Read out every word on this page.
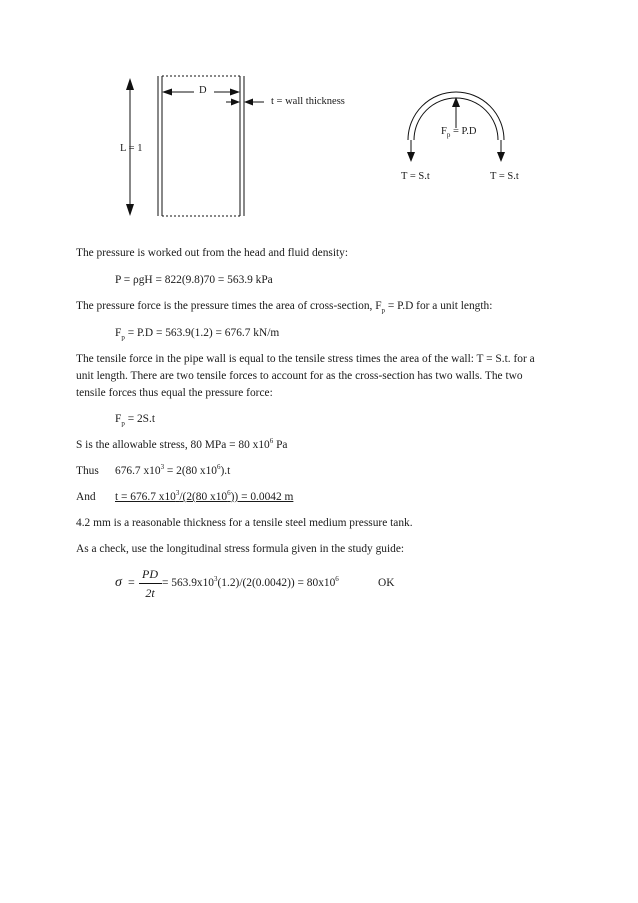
D
t = wall thickness
L = 1
$F_p = P.D$
T = S.t	T = S.t
The pressure is worked out from the head and fluid density:
P = ρgH = 822(9.8)70 = 563.9 kPa
The pressure force is the pressure times the area of cross-section, $F_p = P.D$ for a unit length:
$F_p = P.D = 563.9(1.2) = 676.7$ kN/m
The tensile force in the pipe wall is equal to the tensile stress times the area of the wall: T = S.t. for a
unit length. There are two tensile forces to account for as the cross-section has two walls. The two
tensile forces thus equal the pressure force:
$F_p = 2S.t$
S is the allowable stress, 80 MPa = 80 $x10^6$ Pa
Thus 676.7 $x10^3 = 2(80$ $x10^6).t$
And t = 676.7 $x10^3/(2(80$ $x10^6)) = 0.0042$ m
4.2 mm is a reasonable thickness for a tensile steel medium pressure tank.
As a check, use the longitudinal stress formula given in the study guide:
σ =
PD
2t
= $563.9x10^3(1.2)/(2(0.0042)) = 80x10^6$	OK
